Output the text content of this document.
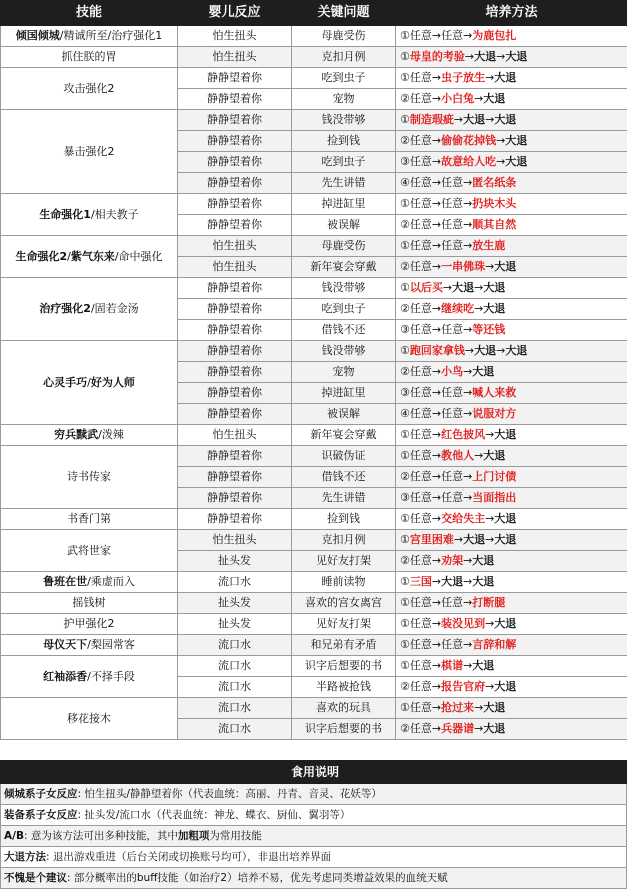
技能	婴儿反应	关键问题	培养方法
倾国倾城/精诚所至/治疗强化1	怕生扭头	母鹿受伤	①任意→任意→为鹿包扎
抓住朕的胃	怕生扭头	克扣月例	①母皇的考验→大退→大退
攻击强化2	静静望着你	吃到虫子	①任意→虫子放生→大退
	静静望着你	宠物	②任意→小白兔→大退
暴击强化2	静静望着你	钱没带够	①制造瑕疵→大退→大退
	静静望着你	捡到钱	②任意→偷偷花掉钱→大退
	静静望着你	吃到虫子	③任意→故意给人吃→大退
	静静望着你	先生讲错	④任意→任意→匿名纸条
生命强化1/相夫教子	静静望着你	掉进缸里	①任意→任意→扔块木头
	静静望着你	被误解	②任意→任意→顺其自然
生命强化2/紫气东来/命中强化	怕生扭头	母鹿受伤	①任意→任意→放生鹿
	怕生扭头	新年宴会穿戴	②任意→一串佛珠→大退
治疗强化2/固若金汤	静静望着你	钱没带够	①以后买→大退→大退
	静静望着你	吃到虫子	②任意→继续吃→大退
	静静望着你	借钱不还	③任意→任意→等还钱
心灵手巧/好为人师	静静望着你	钱没带够	①跑回家拿钱→大退→大退
	静静望着你	宠物	②任意→小鸟→大退
	静静望着你	掉进缸里	③任意→任意→喊人来救
	静静望着你	被误解	④任意→任意→说服对方
穷兵黩武/泼辣	怕生扭头	新年宴会穿戴	①任意→红色披风→大退
诗书传家	静静望着你	识破伪证	①任意→教他人→大退
	静静望着你	借钱不还	②任意→任意→上门讨债
	静静望着你	先生讲错	③任意→任意→当面指出
书香门第	静静望着你	捡到钱	①任意→交给失主→大退
武将世家	怕生扭头	克扣月例	①宫里困难→大退→大退
	扯头发	见好友打架	②任意→劝架→大退
鲁班在世/乘虚而入	流口水	睡前读物	①三国→大退→大退
摇钱树	扯头发	喜欢的宫女离宫	①任意→任意→打断腿
护甲强化2	扯头发	见好友打架	①任意→装没见到→大退
母仪天下/梨园常客	流口水	和兄弟有矛盾	①任意→任意→言辞和解
红袖添香/不择手段	流口水	识字后想要的书	①任意→棋谱→大退
	流口水	半路被抢钱	②任意→报告官府→大退
移花接木	流口水	喜欢的玩具	①任意→抢过来→大退
	流口水	识字后想要的书	②任意→兵器谱→大退
食用说明
倾城系子女反应: 怕生扭头/静静望着你（代表血统：高丽、丹青、音灵、花妖等）
装备系子女反应: 扯头发/流口水（代表血统：神龙、蝶衣、厨仙、翼羽等）
A/B: 意为该方法可出多种技能，其中加粗项为常用技能
大退方法: 退出游戏重进（后台关闭或切换账号均可），非退出培养界面
不愧是个建议: 部分概率出的buff技能（如治疗2）培养不易，优先考虑同类增益效果的血统天赋
